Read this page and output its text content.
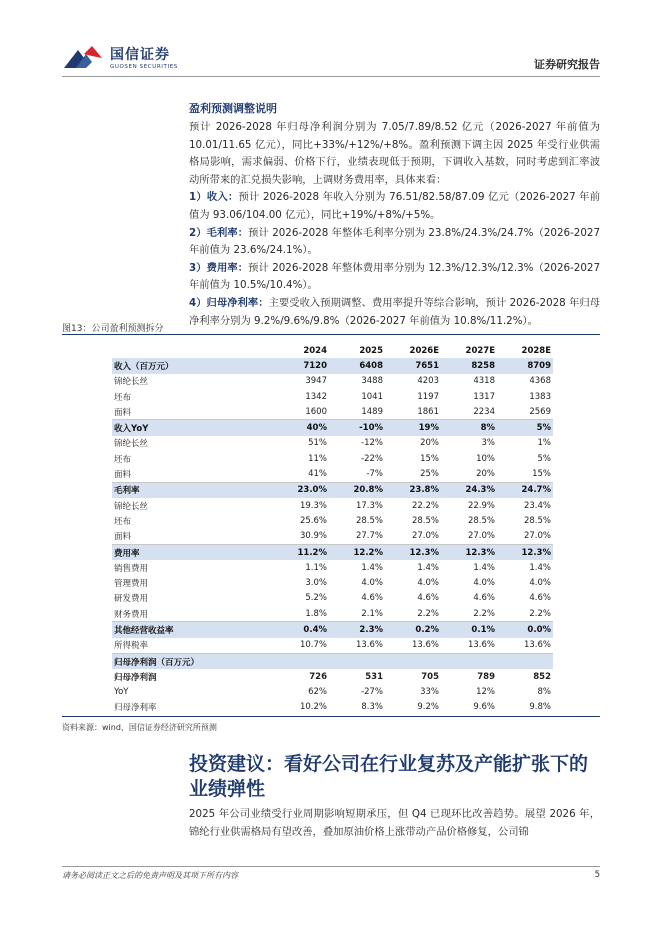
国信证券
GUOSEN SECURITIES	证券研究报告
盈利预测调整说明

预计 2026-2028 年归母净利润分别为 7.05/7.89/8.52 亿元（2026-2027 年前值为 10.01/11.65 亿元），同比+33%/+12%/+8%。盈利预测下调主因 2025 年受行业供需格局影响，需求偏弱、价格下行，业绩表现低于预期，下调收入基数，同时考虑到汇率波动所带来的汇兑损失影响，上调财务费用率，具体来看：

1）收入：预计 2026-2028 年收入分别为 76.51/82.58/87.09 亿元（2026-2027 年前值为 93.06/104.00 亿元），同比+19%/+8%/+5%。

2）毛利率：预计 2026-2028 年整体毛利率分别为 23.8%/24.3%/24.7%（2026-2027 年前值为 23.6%/24.1%）。

3）费用率：预计 2026-2028 年整体费用率分别为 12.3%/12.3%/12.3%（2026-2027 年前值为 10.5%/10.4%）。

4）归母净利率：主要受收入预期调整、费用率提升等综合影响，预计 2026-2028 年归母净利率分别为 9.2%/9.6%/9.8%（2026-2027 年前值为 10.8%/11.2%）。

图13：公司盈利预测拆分
	2024	2025	2026E	2027E	2028E
收入（百万元）	7120	6408	7651	8258	8709
锦纶长丝	3947	3488	4203	4318	4368
坯布	1342	1041	1197	1317	1383
面料	1600	1489	1861	2234	2569
收入YoY	40%	-10%	19%	8%	5%
锦纶长丝	51%	-12%	20%	3%	1%
坯布	11%	-22%	15%	10%	5%
面料	41%	-7%	25%	20%	15%
毛利率	23.0%	20.8%	23.8%	24.3%	24.7%
锦纶长丝	19.3%	17.3%	22.2%	22.9%	23.4%
坯布	25.6%	28.5%	28.5%	28.5%	28.5%
面料	30.9%	27.7%	27.0%	27.0%	27.0%
费用率	11.2%	12.2%	12.3%	12.3%	12.3%
销售费用	1.1%	1.4%	1.4%	1.4%	1.4%
管理费用	3.0%	4.0%	4.0%	4.0%	4.0%
研发费用	5.2%	4.6%	4.6%	4.6%	4.6%
财务费用	1.8%	2.1%	2.2%	2.2%	2.2%
其他经营收益率	0.4%	2.3%	0.2%	0.1%	0.0%
所得税率	10.7%	13.6%	13.6%	13.6%	13.6%
归母净利润（百万元）					
归母净利润	726	531	705	789	852
YoY	62%	-27%	33%	12%	8%
归母净利率	10.2%	8.3%	9.2%	9.6%	9.8%
资料来源：wind、国信证券经济研究所预测
投资建议：看好公司在行业复苏及产能扩张下的业绩弹性
2025 年公司业绩受行业周期影响短期承压，但 Q4 已现环比改善趋势。展望 2026 年，锦纶行业供需格局有望改善，叠加原油价格上涨带动产品价格修复，公司锦
请务必阅读正文之后的免责声明及其项下所有内容	5
